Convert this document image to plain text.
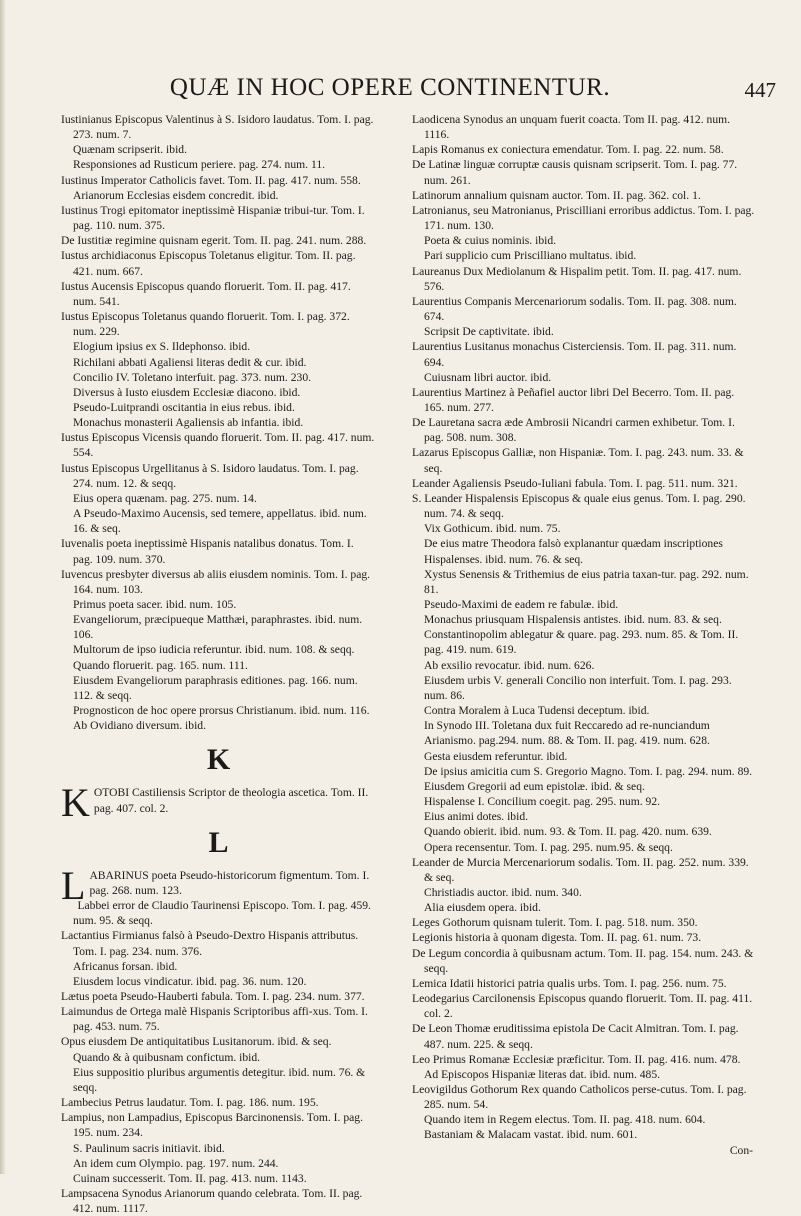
QUÆ IN HOC OPERE CONTINENTUR.	447

Iustinianus Episcopus Valentinus à S. Isidoro laudatus. Tom. I. pag. 273. num. 7.

Quænam scripserit. ibid.

Responsiones ad Rusticum periere. pag. 274. num. 11.

Iustinus Imperator Catholicis favet. Tom. II. pag. 417. num. 558.

Arianorum Ecclesias eisdem concredit. ibid.

Iustinus Trogi epitomator ineptissimè Hispaniæ tribui-tur. Tom. I. pag. 110. num. 375.

De Iustitiæ regimine quisnam egerit. Tom. II. pag. 241. num. 288.

Iustus archidiaconus Episcopus Toletanus eligitur. Tom. II. pag. 421. num. 667.

Iustus Aucensis Episcopus quando floruerit. Tom. II. pag. 417. num. 541.

Iustus Episcopus Toletanus quando floruerit. Tom. I. pag. 372. num. 229.

Elogium ipsius ex S. Ildephonso. ibid.

Richilani abbati Agaliensi literas dedit & cur. ibid.

Concilio IV. Toletano interfuit. pag. 373. num. 230.

Diversus à Iusto eiusdem Ecclesiæ diacono. ibid.

Pseudo-Luitprandi oscitantia in eius rebus. ibid.

Monachus monasterii Agaliensis ab infantia. ibid.

Iustus Episcopus Vicensis quando floruerit. Tom. II. pag. 417. num. 554.

Iustus Episcopus Urgellitanus à S. Isidoro laudatus. Tom. I. pag. 274. num. 12. & seqq.

Eius opera quænam. pag. 275. num. 14.

A Pseudo-Maximo Aucensis, sed temere, appellatus. ibid. num. 16. & seq.

Iuvenalis poeta ineptissimè Hispanis natalibus donatus. Tom. I. pag. 109. num. 370.

Iuvencus presbyter diversus ab aliis eiusdem nominis. Tom. I. pag. 164. num. 103.

Primus poeta sacer. ibid. num. 105.

Evangeliorum, præcipueque Matthæi, paraphrastes. ibid. num. 106.

Multorum de ipso iudicia referuntur. ibid. num. 108. & seqq.

Quando floruerit. pag. 165. num. 111.

Eiusdem Evangeliorum paraphrasis editiones. pag. 166. num. 112. & seqq.

Prognosticon de hoc opere prorsus Christianum. ibid. num. 116.

Ab Ovidiano diversum. ibid.

K

KOTOBI Castiliensis Scriptor de theologia ascetica. Tom. II. pag. 407. col. 2.

L

LABARINUS poeta Pseudo-historicorum figmentum. Tom. I. pag. 268. num. 123.

Labbei error de Claudio Taurinensi Episcopo. Tom. I. pag. 459. num. 95. & seqq.

Lactantius Firmianus falsò à Pseudo-Dextro Hispanis attributus. Tom. I. pag. 234. num. 376.

Africanus forsan. ibid.

Eiusdem locus vindicatur. ibid. pag. 36. num. 120.

Lætus poeta Pseudo-Hauberti fabula. Tom. I. pag. 234. num. 377.

Laimundus de Ortega malè Hispanis Scriptoribus affi-xus. Tom. I. pag. 453. num. 75.

Opus eiusdem De antiquitatibus Lusitanorum. ibid. & seq.

Quando & à quibusnam confictum. ibid.

Eius suppositio pluribus argumentis detegitur. ibid. num. 76. & seqq.

Lambecius Petrus laudatur. Tom. I. pag. 186. num. 195.

Lampius, non Lampadius, Episcopus Barcinonensis. Tom. I. pag. 195. num. 234.

S. Paulinum sacris initiavit. ibid.

An idem cum Olympio. pag. 197. num. 244.

Cuinam successerit. Tom. II. pag. 413. num. 1143.

Lampsacena Synodus Arianorum quando celebrata. Tom. II. pag. 412. num. 1117.

Laodicena Synodus an unquam fuerit coacta. Tom II. pag. 412. num. 1116.

Lapis Romanus ex coniectura emendatur. Tom. I. pag. 22. num. 58.

De Latinæ linguæ corruptæ causis quisnam scripserit. Tom. I. pag. 77. num. 261.

Latinorum annalium quisnam auctor. Tom. II. pag. 362. col. 1.

Latronianus, seu Matronianus, Priscilliani erroribus addictus. Tom. I. pag. 171. num. 130.

Poeta & cuius nominis. ibid.

Pari supplicio cum Priscilliano multatus. ibid.

Laureanus Dux Mediolanum & Hispalim petit. Tom. II. pag. 417. num. 576.

Laurentius Companis Mercenariorum sodalis. Tom. II. pag. 308. num. 674.

Scripsit De captivitate. ibid.

Laurentius Lusitanus monachus Cisterciensis. Tom. II. pag. 311. num. 694.

Cuiusnam libri auctor. ibid.

Laurentius Martinez à Peñafiel auctor libri Del Becerro. Tom. II. pag. 165. num. 277.

De Lauretana sacra æde Ambrosii Nicandri carmen exhibetur. Tom. I. pag. 508. num. 308.

Lazarus Episcopus Galliæ, non Hispaniæ. Tom. I. pag. 243. num. 33. & seq.

Leander Agaliensis Pseudo-Iuliani fabula. Tom. I. pag. 511. num. 321.

S. Leander Hispalensis Episcopus & quale eius genus. Tom. I. pag. 290. num. 74. & seqq.

Vix Gothicum. ibid. num. 75.

De eius matre Theodora falsò explanantur quædam inscriptiones Hispalenses. ibid. num. 76. & seq.

Xystus Senensis & Trithemius de eius patria taxan-tur. pag. 292. num. 81.

Pseudo-Maximi de eadem re fabulæ. ibid.

Monachus priusquam Hispalensis antistes. ibid. num. 83. & seq.

Constantinopolim ablegatur & quare. pag. 293. num. 85. & Tom. II. pag. 419. num. 619.

Ab exsilio revocatur. ibid. num. 626.

Eiusdem urbis V. generali Concilio non interfuit. Tom. I. pag. 293. num. 86.

Contra Moralem à Luca Tudensi deceptum. ibid.

In Synodo III. Toletana dux fuit Reccaredo ad re-nunciandum Arianismo. pag.294. num. 88. & Tom. II. pag. 419. num. 628.

Gesta eiusdem referuntur. ibid.

De ipsius amicitia cum S. Gregorio Magno. Tom. I. pag. 294. num. 89.

Eiusdem Gregorii ad eum epistolæ. ibid. & seq.

Hispalense I. Concilium coegit. pag. 295. num. 92.

Eius animi dotes. ibid.

Quando obierit. ibid. num. 93. & Tom. II. pag. 420. num. 639.

Opera recensentur. Tom. I. pag. 295. num.95. & seqq.

Leander de Murcia Mercenariorum sodalis. Tom. II. pag. 252. num. 339. & seq.

Christiadis auctor. ibid. num. 340.

Alia eiusdem opera. ibid.

Leges Gothorum quisnam tulerit. Tom. I. pag. 518. num. 350.

Legionis historia à quonam digesta. Tom. II. pag. 61. num. 73.

De Legum concordia à quibusnam actum. Tom. II. pag. 154. num. 243. & seqq.

Lemica Idatii historici patria qualis urbs. Tom. I. pag. 256. num. 75.

Leodegarius Carcilonensis Episcopus quando floruerit. Tom. II. pag. 411. col. 2.

De Leon Thomæ eruditissima epistola De Cacit Almitran. Tom. I. pag. 487. num. 225. & seqq.

Leo Primus Romanæ Ecclesiæ præficitur. Tom. II. pag. 416. num. 478.

Ad Episcopos Hispaniæ literas dat. ibid. num. 485.

Leovigildus Gothorum Rex quando Catholicos perse-cutus. Tom. I. pag. 285. num. 54.

Quando item in Regem electus. Tom. II. pag. 418. num. 604.

Bastaniam & Malacam vastat. ibid. num. 601.

Con-
